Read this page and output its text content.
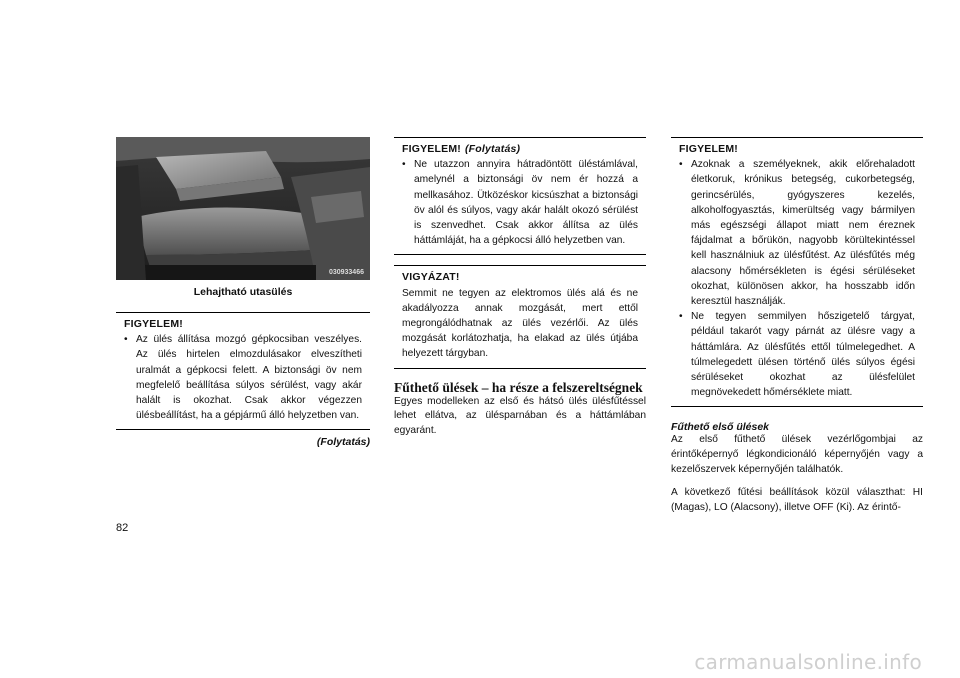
030933466
Lehajtható utasülés
FIGYELEM!
• Az ülés állítása mozgó gépkocsiban veszélyes. Az ülés hirtelen elmozdulásakor elveszítheti uralmát a gépkocsi felett. A biztonsági öv nem megfelelő beállítása súlyos sérülést, vagy akár halált is okozhat. Csak akkor végezzen ülésbeállítást, ha a gépjármű álló helyzetben van.
(Folytatás)
FIGYELEM! (Folytatás)
• Ne utazzon annyira hátradöntött üléstámlával, amelynél a biztonsági öv nem ér hozzá a mellkasához. Ütközéskor kicsúszhat a biztonsági öv alól és súlyos, vagy akár halált okozó sérülést is szenvedhet. Csak akkor állítsa az ülés háttámláját, ha a gépkocsi álló helyzetben van.
VIGYÁZAT!
Semmit ne tegyen az elektromos ülés alá és ne akadályozza annak mozgását, mert ettől megrongálódhatnak az ülés vezérlői. Az ülés mozgását korlátozhatja, ha elakad az ülés útjába helyezett tárgyban.
Fűthető ülések – ha része a felszereltségnek
Egyes modelleken az első és hátsó ülés ülésfűtéssel lehet ellátva, az ülésparnában és a háttámlában egyaránt.
FIGYELEM!
• Azoknak a személyeknek, akik előrehaladott életkoruk, krónikus betegség, cukorbetegség, gerincsérülés, gyógyszeres kezelés, alkoholfogyasztás, kimerültség vagy bármilyen más egészségi állapot miatt nem éreznek fájdalmat a bőrükön, nagyobb körültekintéssel kell használniuk az ülésfűtést. Az ülésfűtés még alacsony hőmérsékleten is égési sérüléseket okozhat, különösen akkor, ha hosszabb időn keresztül használják.
• Ne tegyen semmilyen hőszigetelő tárgyat, például takarót vagy párnát az ülésre vagy a háttámlára. Az ülésfűtés ettől túlmelegedhet. A túlmelegedett ülésen történő ülés súlyos égési sérüléseket okozhat az ülésfelület megnövekedett hőmérséklete miatt.
Fűthető első ülések
Az első fűthető ülések vezérlőgombjai az érintőképernyő légkondicionáló képernyőjén vagy a kezelőszervek képernyőjén találhatók.
A következő fűtési beállítások közül választhat: HI (Magas), LO (Alacsony), illetve OFF (Ki). Az érintő-
82
carmanualsonline.info
